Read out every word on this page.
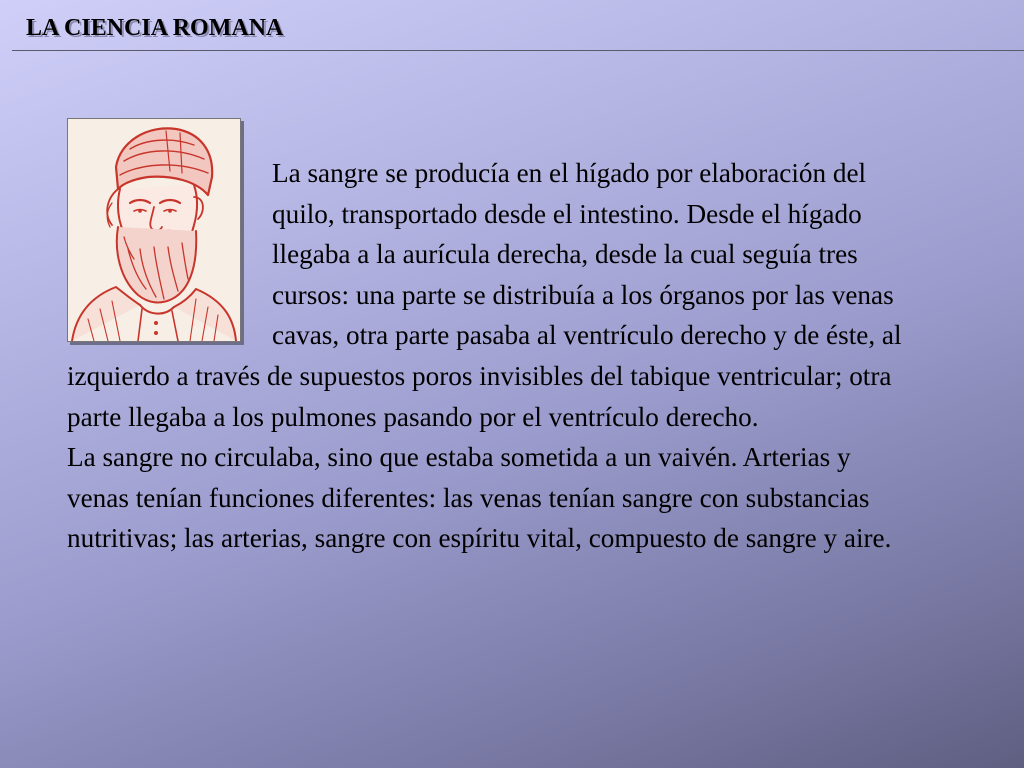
LA CIENCIA ROMANA
La sangre se producía en el hígado por elaboración del quilo, transportado desde el intestino. Desde el hígado llegaba a la aurícula derecha, desde la cual seguía tres cursos: una parte se distribuía a los órganos por las venas cavas, otra parte pasaba al ventrículo derecho y de éste, al izquierdo a través de supuestos poros invisibles del tabique ventricular; otra parte llegaba a los pulmones pasando por el ventrículo derecho.
La sangre no circulaba, sino que estaba sometida a un vaivén. Arterias y venas tenían funciones diferentes: las venas tenían sangre con substancias nutritivas; las arterias, sangre con espíritu vital, compuesto de sangre y aire.
